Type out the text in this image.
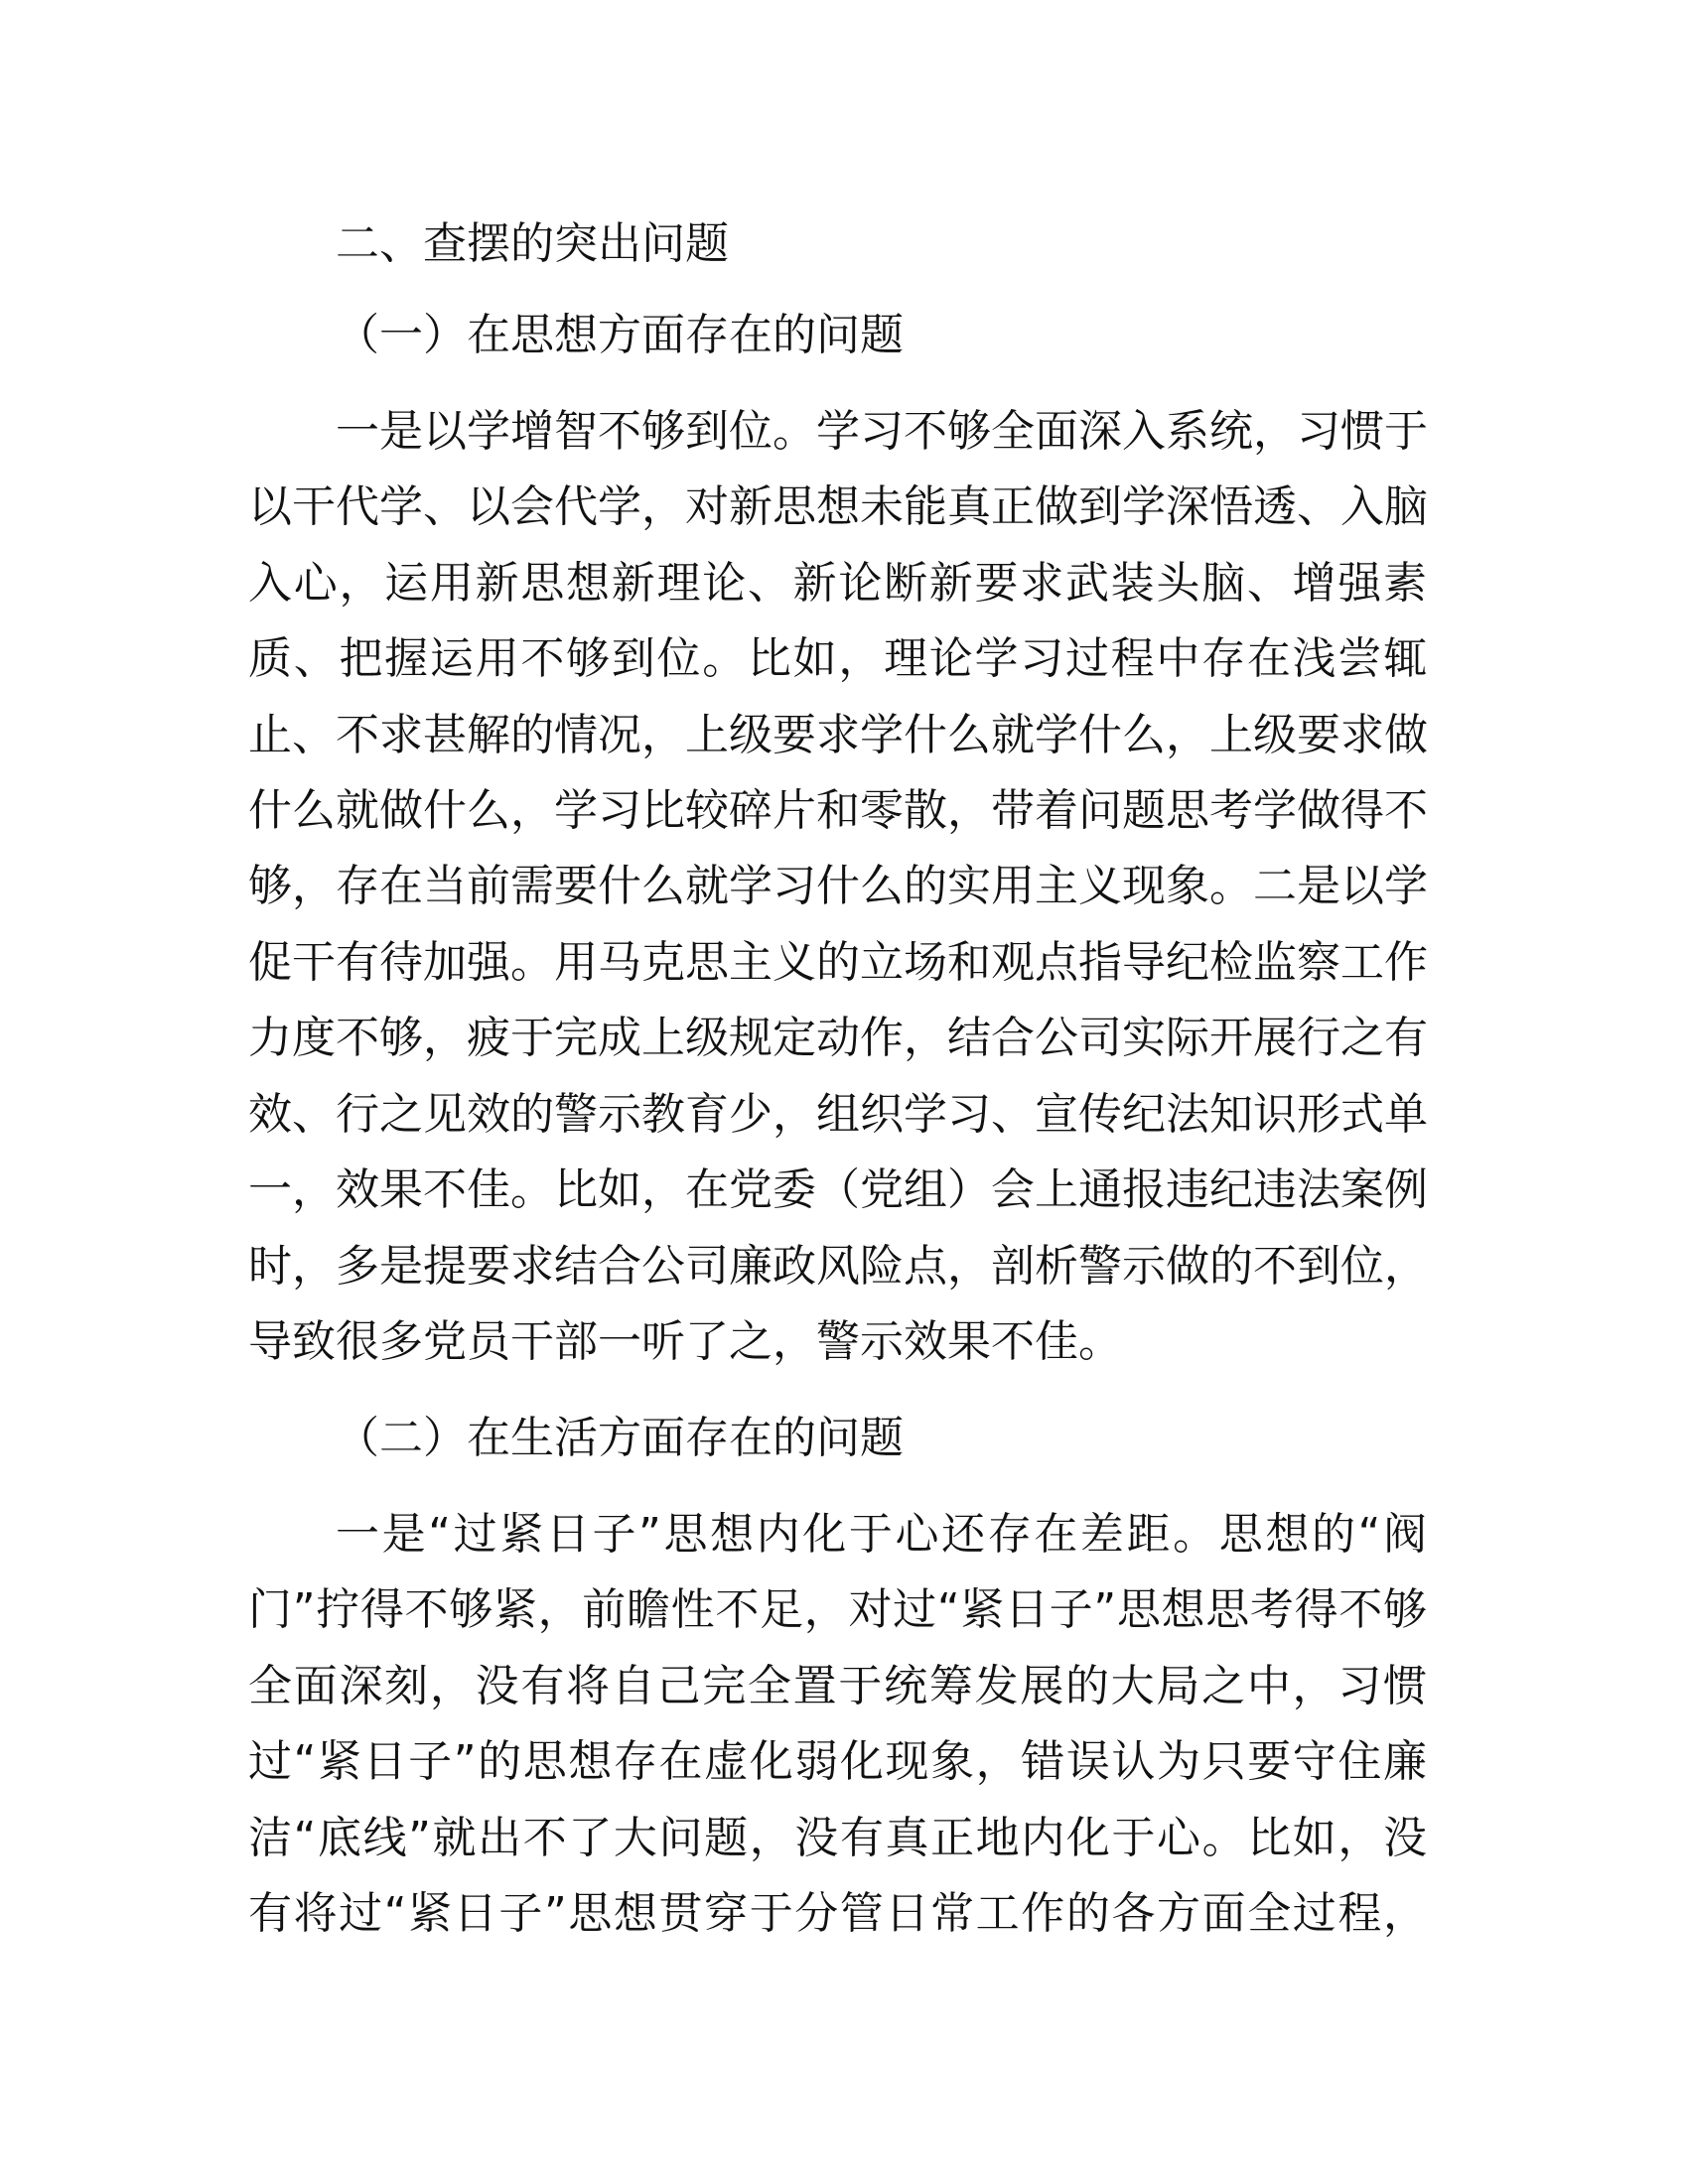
二、查摆的突出问题
（一）在思想方面存在的问题
一是以学增智不够到位。学习不够全面深入系统，习惯于
以干代学、以会代学，对新思想未能真正做到学深悟透、入脑
入心，运用新思想新理论、新论断新要求武装头脑、增强素
质、把握运用不够到位。比如，理论学习过程中存在浅尝辄
止、不求甚解的情况，上级要求学什么就学什么，上级要求做
什么就做什么，学习比较碎片和零散，带着问题思考学做得不
够，存在当前需要什么就学习什么的实用主义现象。二是以学
促干有待加强。用马克思主义的立场和观点指导纪检监察工作
力度不够，疲于完成上级规定动作，结合公司实际开展行之有
效、行之见效的警示教育少，组织学习、宣传纪法知识形式单
一，效果不佳。比如，在党委（党组）会上通报违纪违法案例
时，多是提要求结合公司廉政风险点，剖析警示做的不到位，
导致很多党员干部一听了之，警示效果不佳。
（二）在生活方面存在的问题
一是“过紧日子”思想内化于心还存在差距。思想的“阀
门”拧得不够紧，前瞻性不足，对过“紧日子”思想思考得不够
全面深刻，没有将自己完全置于统筹发展的大局之中，习惯
过“紧日子”的思想存在虚化弱化现象，错误认为只要守住廉
洁“底线”就出不了大问题，没有真正地内化于心。比如，没
有将过“紧日子”思想贯穿于分管日常工作的各方面全过程，
